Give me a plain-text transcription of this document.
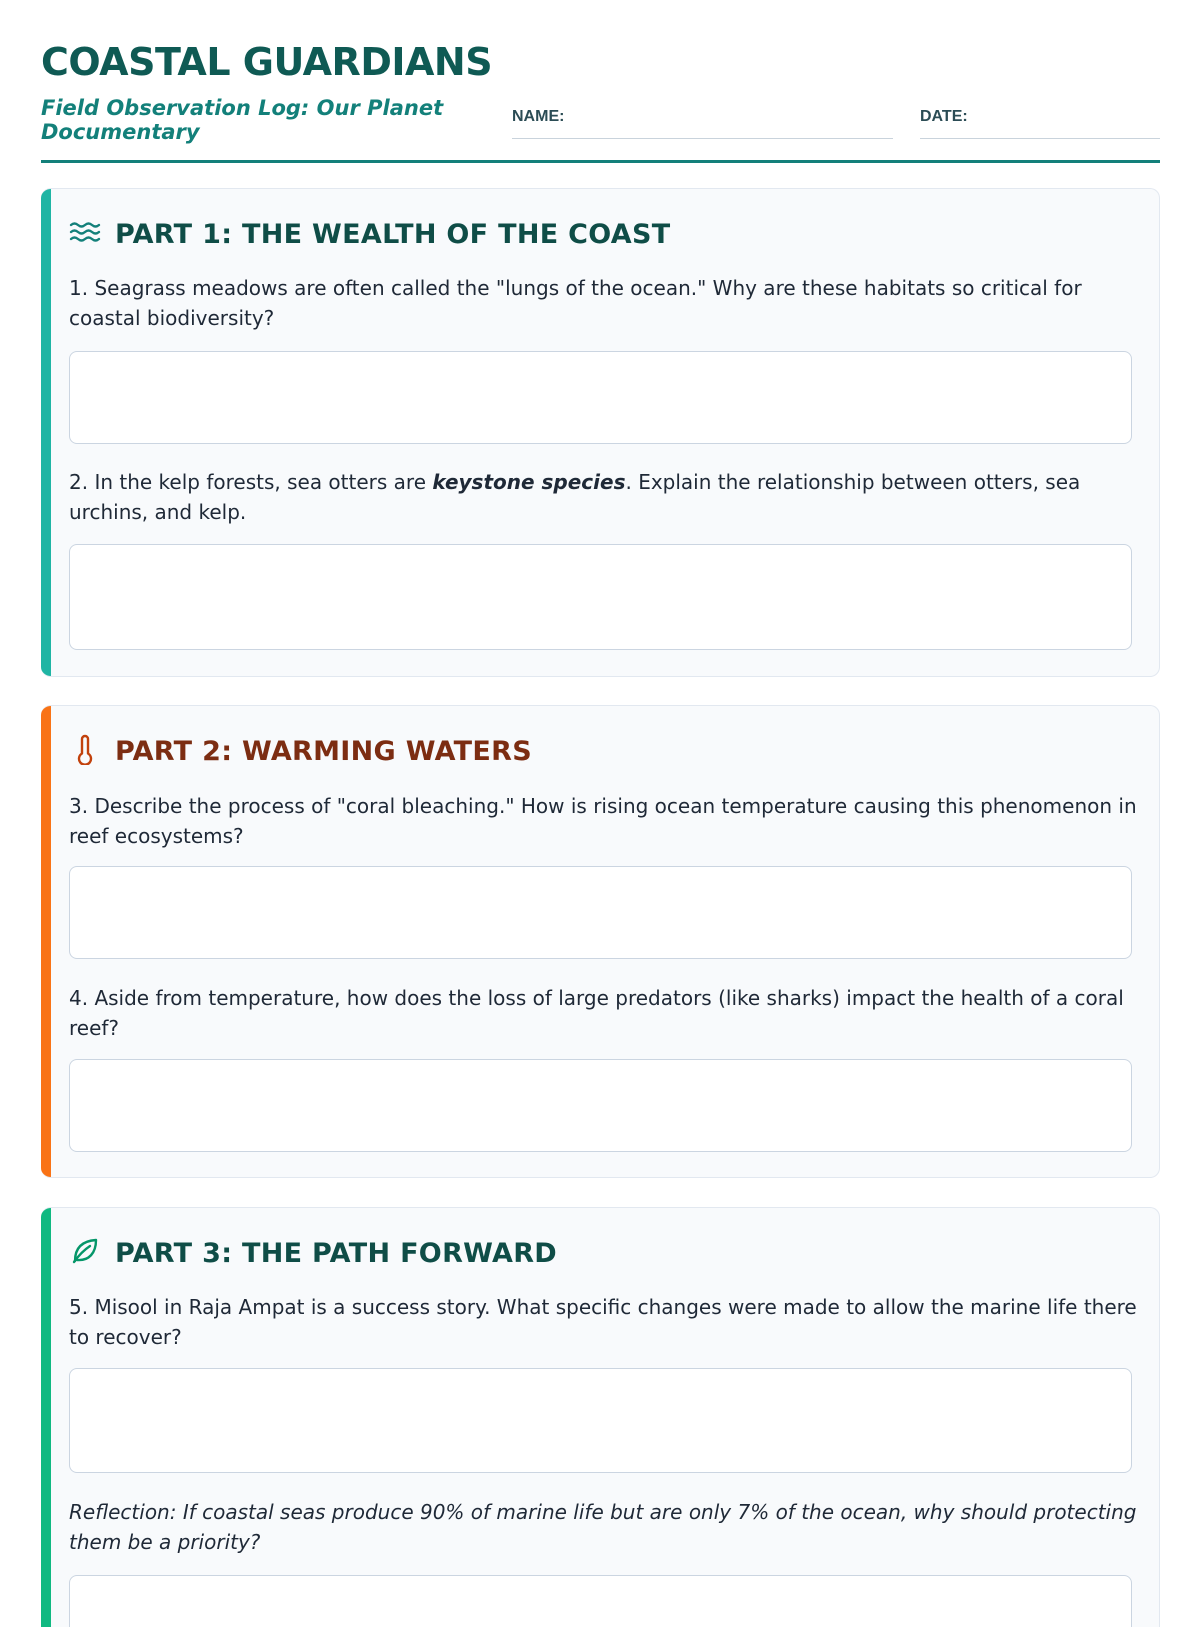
COASTAL GUARDIANS
Field Observation Log: Our Planet Documentary
NAME:	DATE:
PART 1: THE WEALTH OF THE COAST
1. Seagrass meadows are often called the "lungs of the ocean." Why are these habitats so critical for coastal biodiversity?
2. In the kelp forests, sea otters are keystone species. Explain the relationship between otters, sea urchins, and kelp.
PART 2: WARMING WATERS
3. Describe the process of "coral bleaching." How is rising ocean temperature causing this phenomenon in reef ecosystems?
4. Aside from temperature, how does the loss of large predators (like sharks) impact the health of a coral reef?
PART 3: THE PATH FORWARD
5. Misool in Raja Ampat is a success story. What specific changes were made to allow the marine life there to recover?
Reflection: If coastal seas produce 90% of marine life but are only 7% of the ocean, why should protecting them be a priority?
